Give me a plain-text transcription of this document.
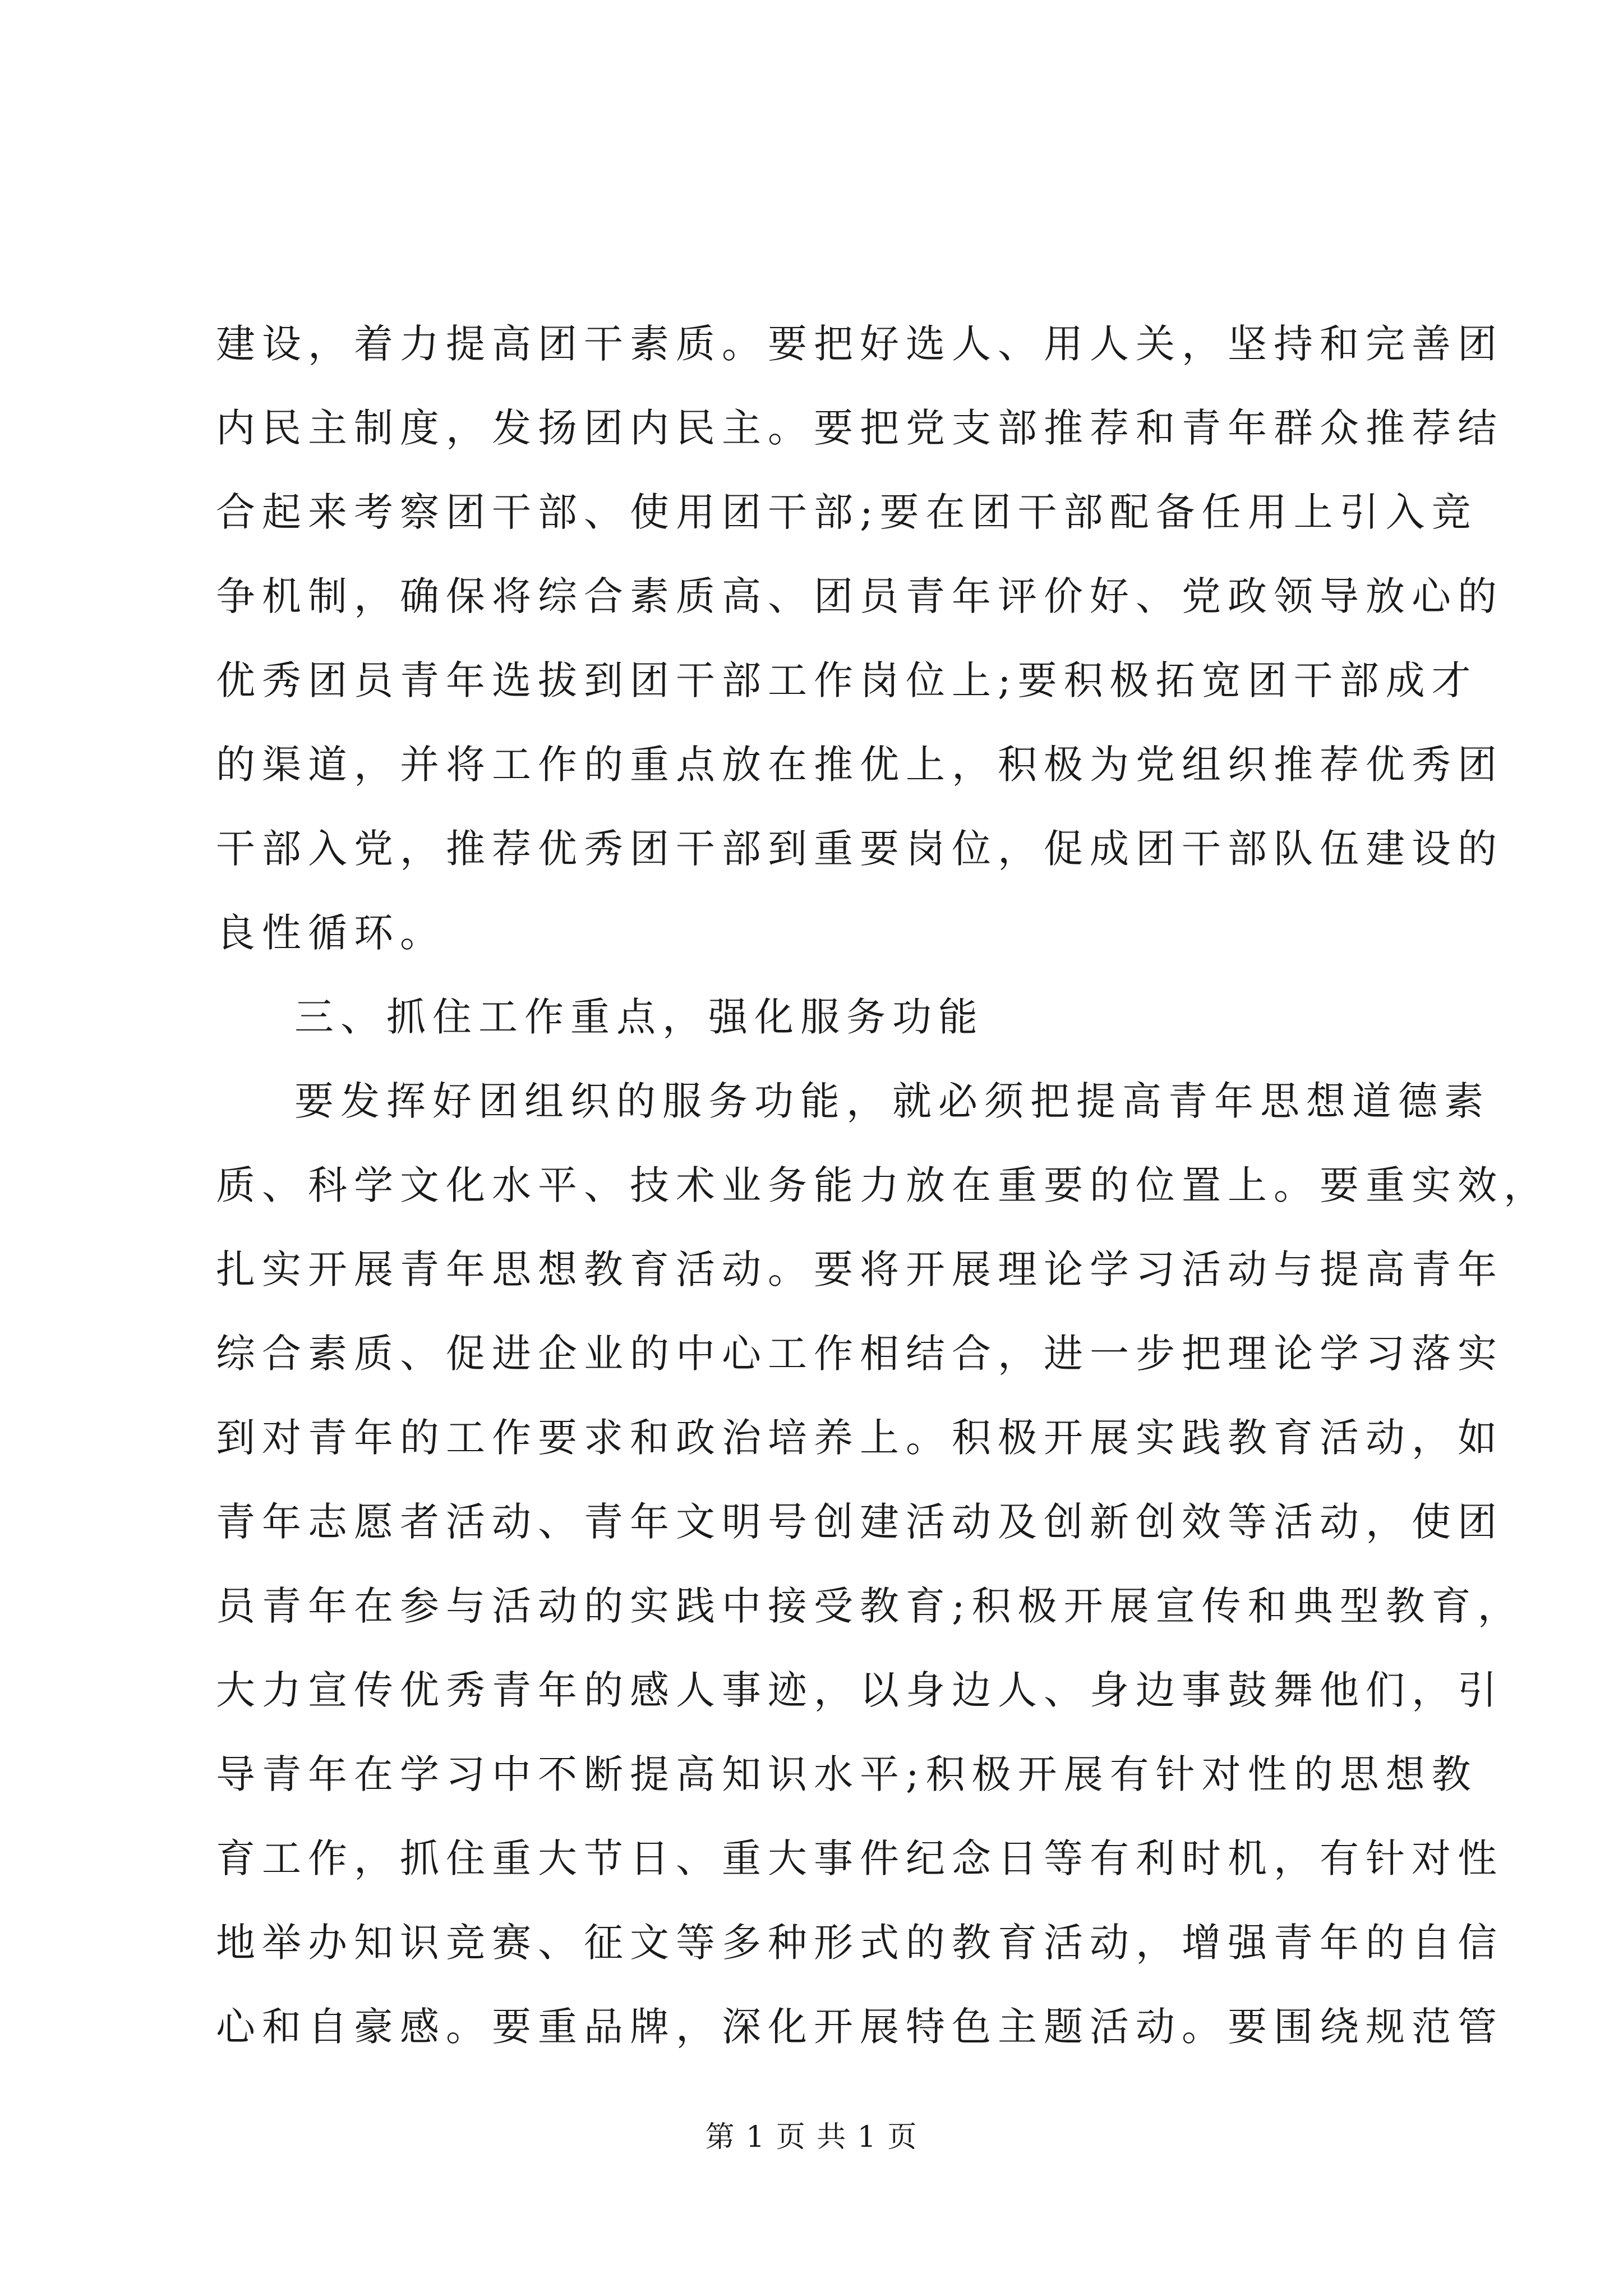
建设，着力提高团干素质。要把好选人、用人关，坚持和完善团
内民主制度，发扬团内民主。要把党支部推荐和青年群众推荐结
合起来考察团干部、使用团干部;要在团干部配备任用上引入竞
争机制，确保将综合素质高、团员青年评价好、党政领导放心的
优秀团员青年选拔到团干部工作岗位上;要积极拓宽团干部成才
的渠道，并将工作的重点放在推优上，积极为党组织推荐优秀团
干部入党，推荐优秀团干部到重要岗位，促成团干部队伍建设的
良性循环。
三、抓住工作重点，强化服务功能
要发挥好团组织的服务功能，就必须把提高青年思想道德素
质、科学文化水平、技术业务能力放在重要的位置上。要重实效，
扎实开展青年思想教育活动。要将开展理论学习活动与提高青年
综合素质、促进企业的中心工作相结合，进一步把理论学习落实
到对青年的工作要求和政治培养上。积极开展实践教育活动，如
青年志愿者活动、青年文明号创建活动及创新创效等活动，使团
员青年在参与活动的实践中接受教育;积极开展宣传和典型教育，
大力宣传优秀青年的感人事迹，以身边人、身边事鼓舞他们，引
导青年在学习中不断提高知识水平;积极开展有针对性的思想教
育工作，抓住重大节日、重大事件纪念日等有利时机，有针对性
地举办知识竞赛、征文等多种形式的教育活动，增强青年的自信
心和自豪感。要重品牌，深化开展特色主题活动。要围绕规范管
第 1 页 共 1 页
